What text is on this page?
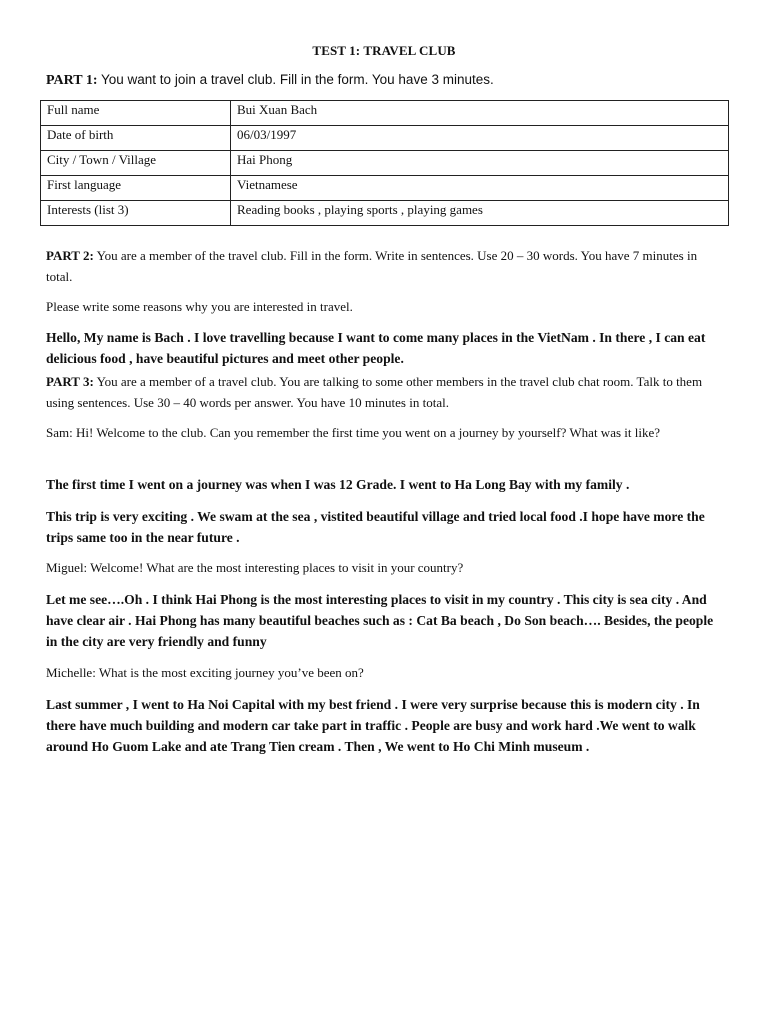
TEST 1: TRAVEL CLUB
PART 1: You want to join a travel club. Fill in the form. You have 3 minutes.
Full name	Bui Xuan Bach
Date of birth	06/03/1997
City / Town / Village	Hai Phong
First language	Vietnamese
Interests (list 3)	Reading books , playing sports , playing games
PART 2: You are a member of the travel club. Fill in the form. Write in sentences. Use 20 – 30 words. You have 7 minutes in total.
Please write some reasons why you are interested in travel.
Hello, My name is Bach . I love travelling because I want to come many places in the VietNam . In there , I can eat delicious food , have beautiful pictures and meet other people.
PART 3: You are a member of a travel club. You are talking to some other members in the travel club chat room. Talk to them using sentences. Use 30 – 40 words per answer. You have 10 minutes in total.
Sam: Hi! Welcome to the club. Can you remember the first time you went on a journey by yourself? What was it like?
The first time I went on a journey was when I was 12 Grade. I went to Ha Long Bay with my family .
This trip is very exciting . We swam at the sea , vistited beautiful village and tried local food .I hope have more the trips same too in the near future .
Miguel: Welcome! What are the most interesting places to visit in your country?
Let me see….Oh . I think Hai Phong is the most interesting places to visit in my country . This city is sea city . And have clear air . Hai Phong has many beautiful beaches such as : Cat Ba beach , Do Son beach…. Besides, the people in the city are very friendly and funny
Michelle: What is the most exciting journey you’ve been on?
Last summer , I went to Ha Noi Capital with my best friend . I were very surprise because this is modern city . In there have much building and modern car take part in traffic . People are busy and work hard .We went to walk around Ho Guom Lake and ate Trang Tien cream . Then , We went to Ho Chi Minh museum .
